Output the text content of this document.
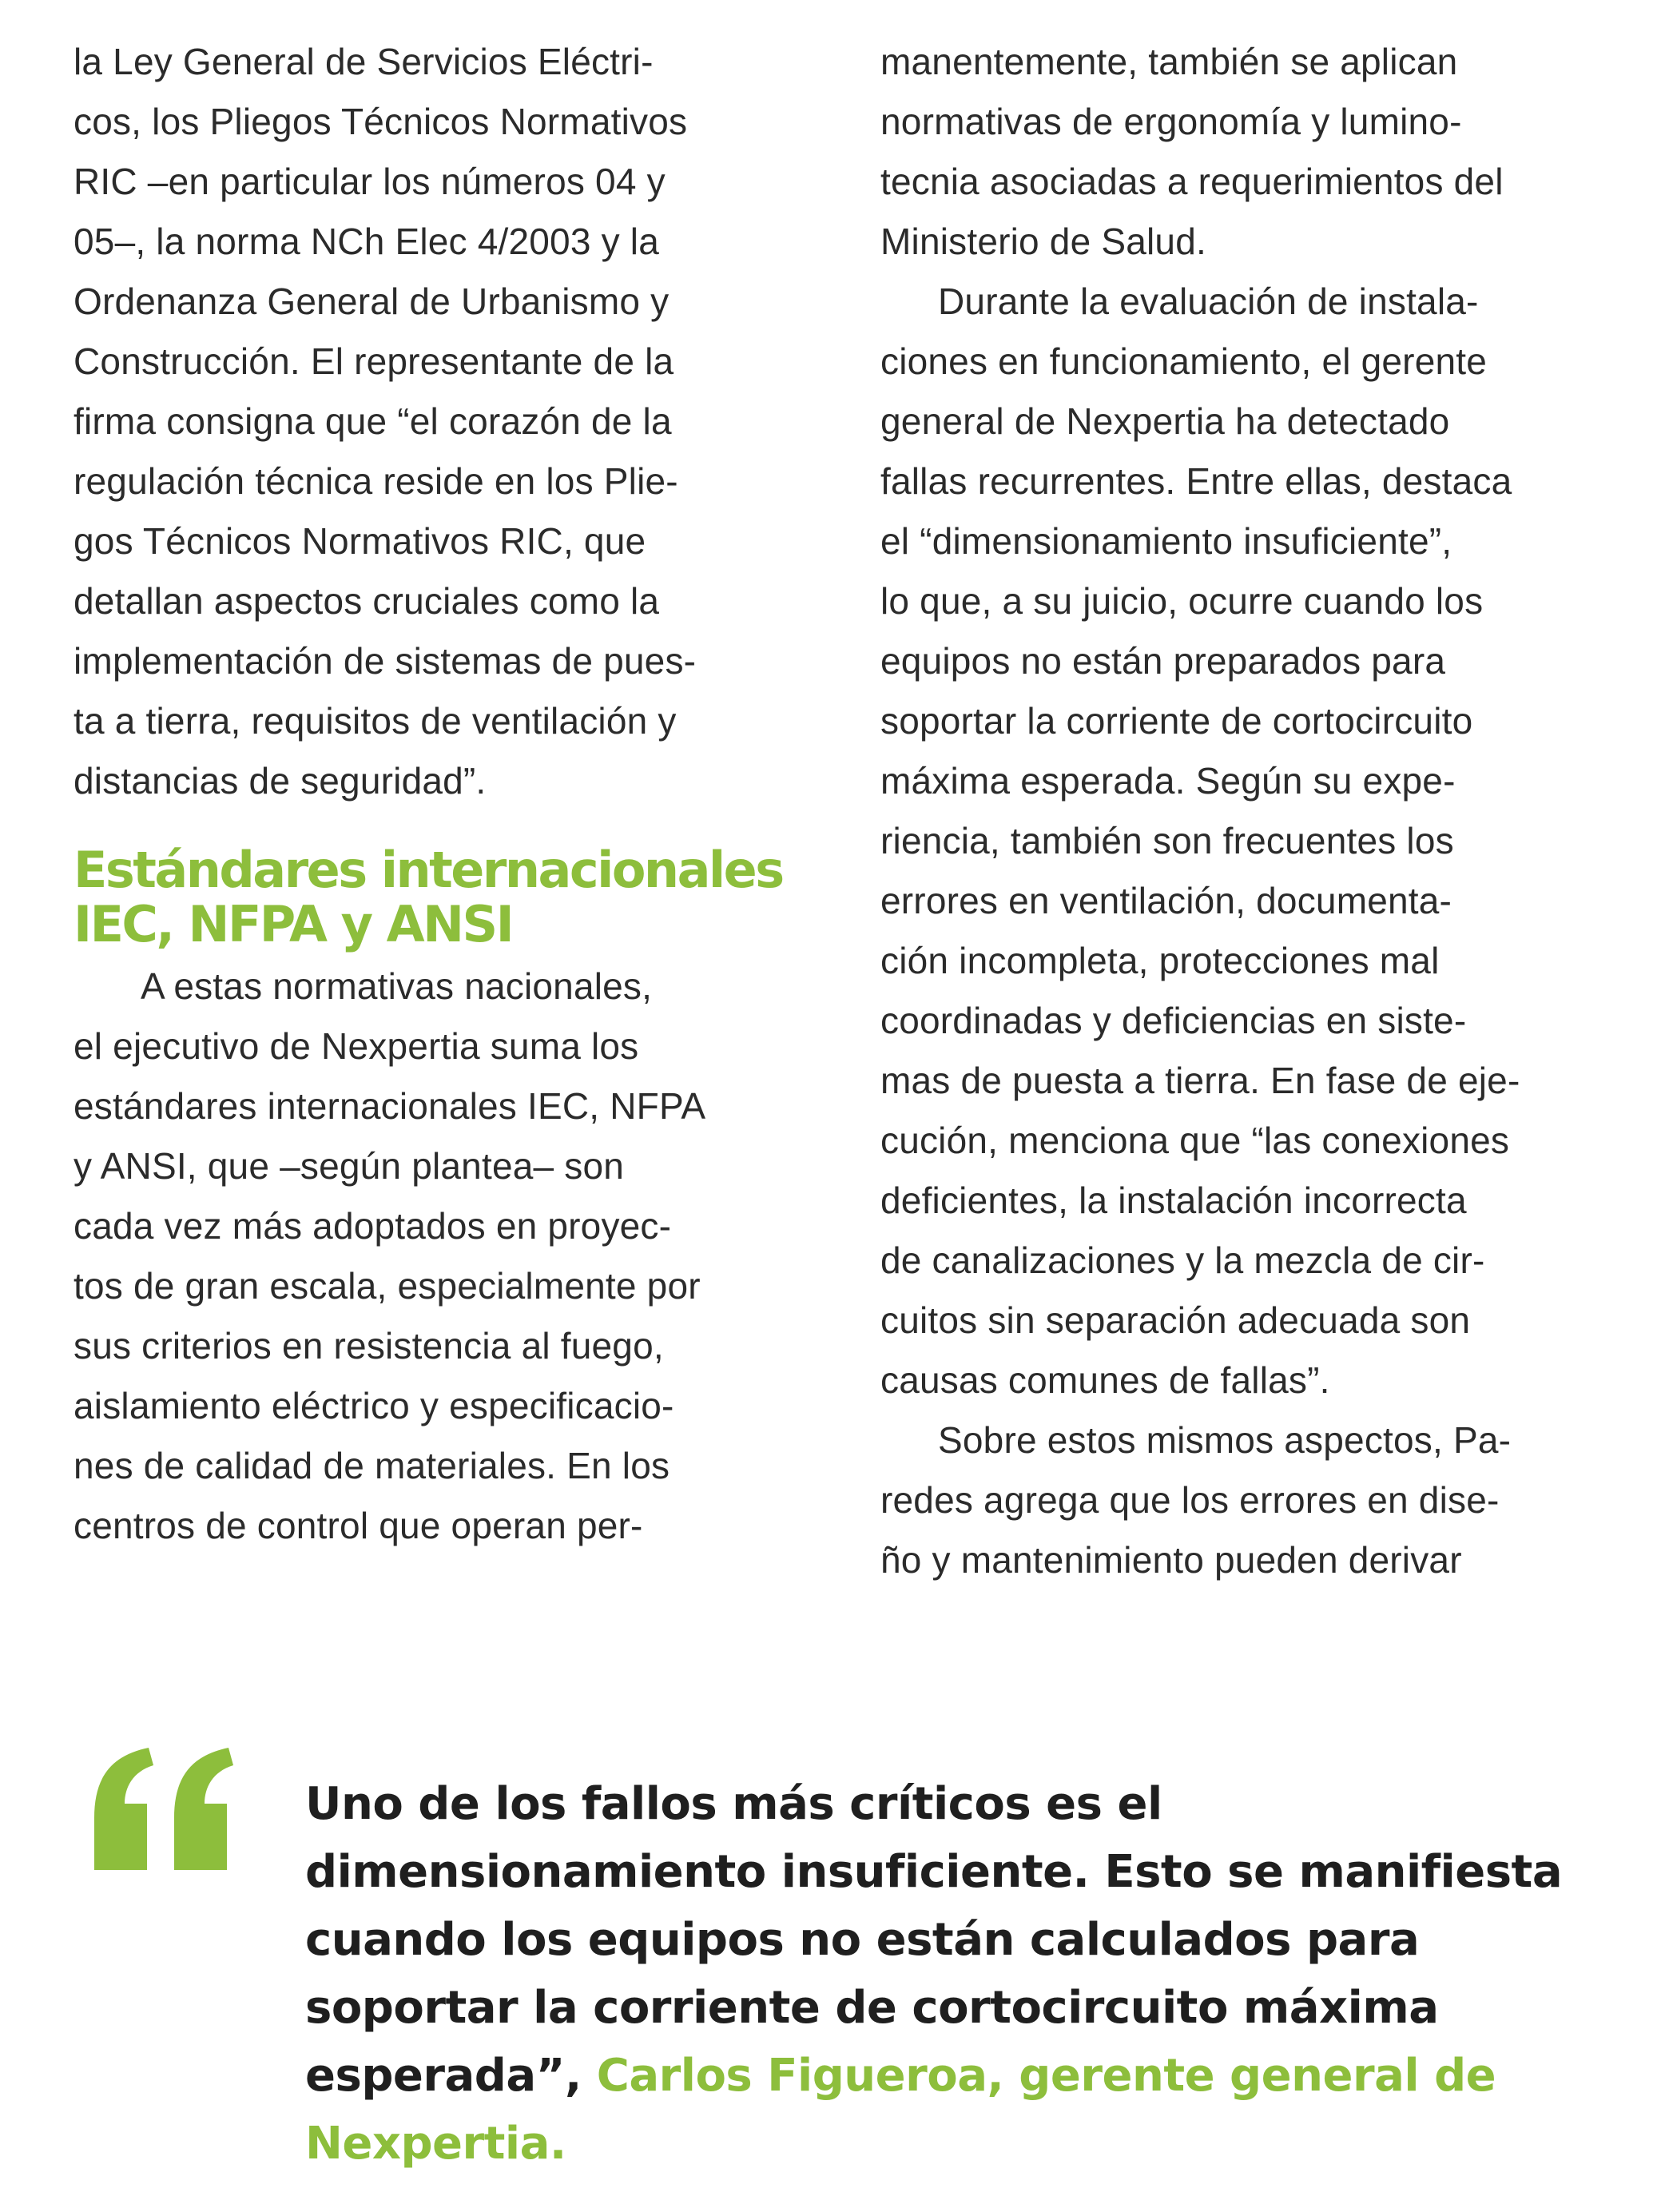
la Ley General de Servicios Eléctri-
cos, los Pliegos Técnicos Normativos
RIC –en particular los números 04 y
05–, la norma NCh Elec 4/2003 y la
Ordenanza General de Urbanismo y
Construcción. El representante de la
firma consigna que “el corazón de la
regulación técnica reside en los Plie-
gos Técnicos Normativos RIC, que
detallan aspectos cruciales como la
implementación de sistemas de pues-
ta a tierra, requisitos de ventilación y
distancias de seguridad”.
Estándares internacionales
IEC, NFPA y ANSI
A estas normativas nacionales,
el ejecutivo de Nexpertia suma los
estándares internacionales IEC, NFPA
y ANSI, que –según plantea– son
cada vez más adoptados en proyec-
tos de gran escala, especialmente por
sus criterios en resistencia al fuego,
aislamiento eléctrico y especificacio-
nes de calidad de materiales. En los
centros de control que operan per-
manentemente, también se aplican
normativas de ergonomía y lumino-
tecnia asociadas a requerimientos del
Ministerio de Salud.
Durante la evaluación de instala-
ciones en funcionamiento, el gerente
general de Nexpertia ha detectado
fallas recurrentes. Entre ellas, destaca
el “dimensionamiento insuficiente”,
lo que, a su juicio, ocurre cuando los
equipos no están preparados para
soportar la corriente de cortocircuito
máxima esperada. Según su expe-
riencia, también son frecuentes los
errores en ventilación, documenta-
ción incompleta, protecciones mal
coordinadas y deficiencias en siste-
mas de puesta a tierra. En fase de eje-
cución, menciona que “las conexiones
deficientes, la instalación incorrecta
de canalizaciones y la mezcla de cir-
cuitos sin separación adecuada son
causas comunes de fallas”.
Sobre estos mismos aspectos, Pa-
redes agrega que los errores en dise-
ño y mantenimiento pueden derivar
Uno de los fallos más críticos es el
dimensionamiento insuficiente. Esto se manifiesta
cuando los equipos no están calculados para
soportar la corriente de cortocircuito máxima
esperada”, Carlos Figueroa, gerente general de
Nexpertia.
